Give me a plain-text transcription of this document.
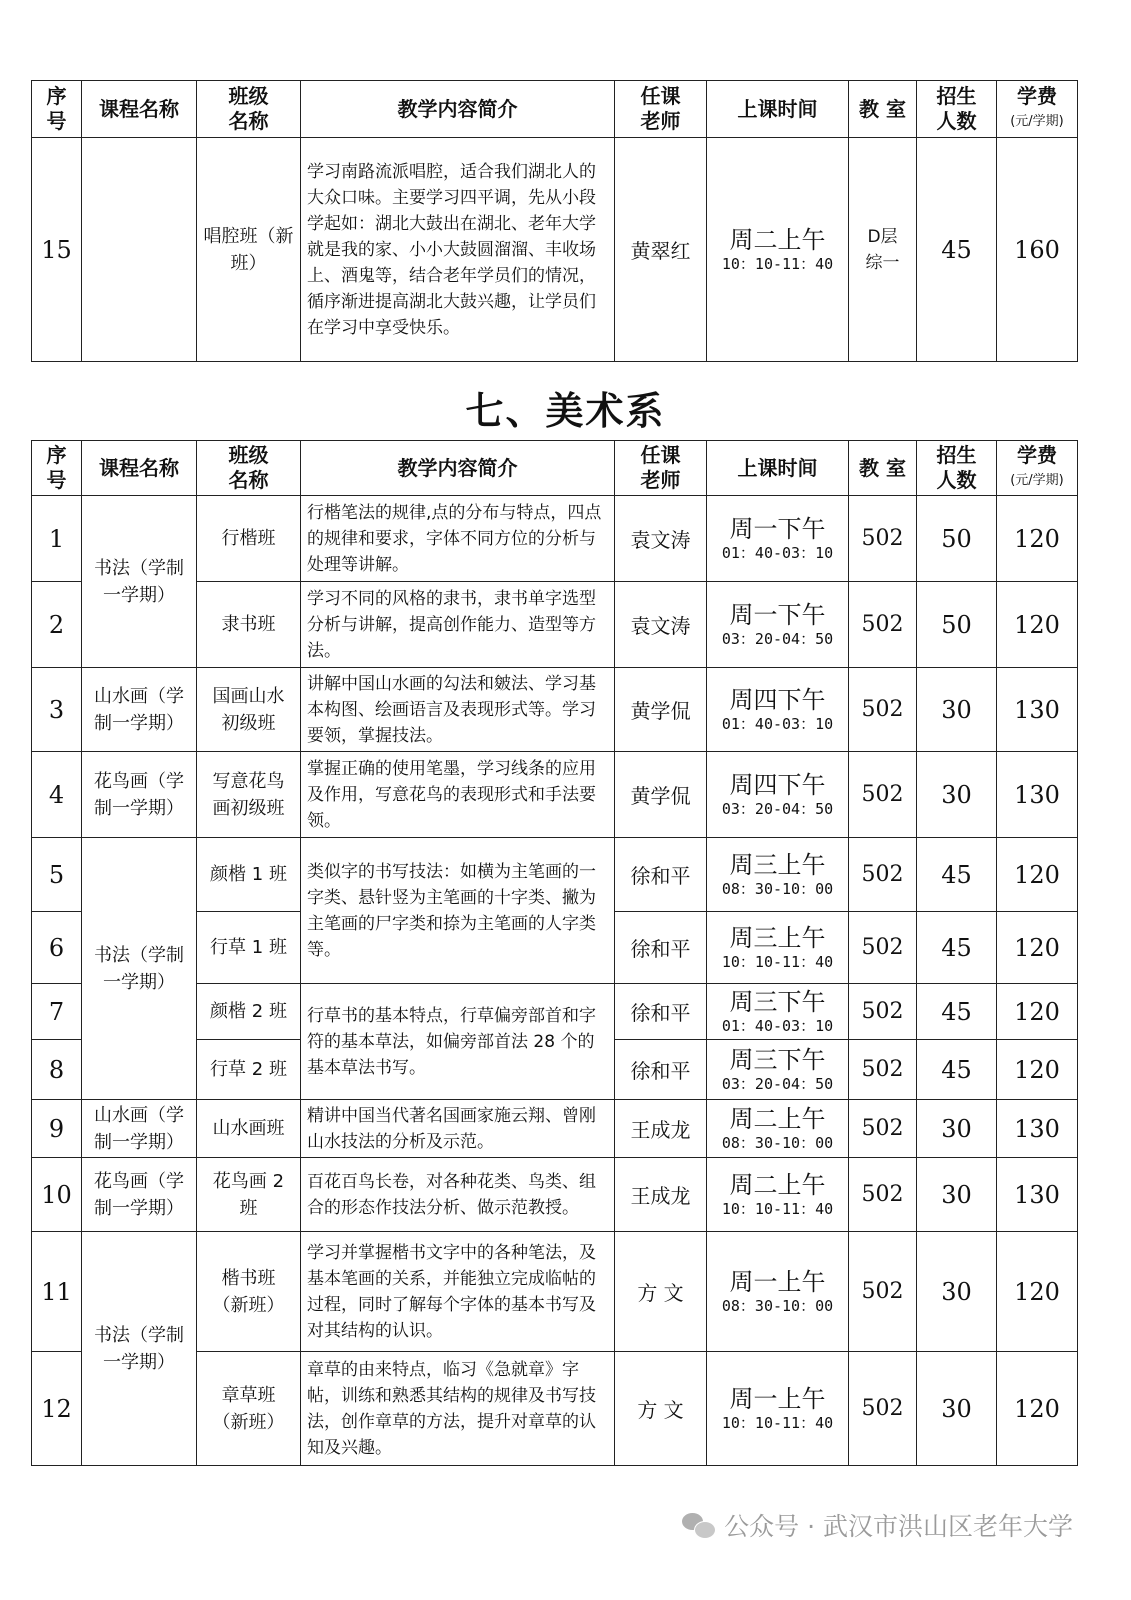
序号	课程名称	班级名称	教学内容简介	任课老师	上课时间	教 室	招生人数	学费
(元/学期)

15		唱腔班（新班）	学习南路流派唱腔，适合我们湖北人的大众口味。主要学习四平调，先从小段学起如：湖北大鼓出在湖北、老年大学就是我的家、小小大鼓圆溜溜、丰收场上、酒鬼等，结合老年学员们的情况，循序渐进提高湖北大鼓兴趣，让学员们在学习中享受快乐。	黄翠红	周二上午
10：10-11：40	D层综一	45	160
七、美术系
序号	课程名称	班级名称	教学内容简介	任课老师	上课时间	教 室	招生人数	学费
(元/学期)

1	书法（学制一学期）	行楷班	行楷笔法的规律,点的分布与特点，四点的规律和要求，字体不同方位的分析与处理等讲解。	袁文涛	周一下午
01：40-03：10	502	50	120
2		隶书班	学习不同的风格的隶书，隶书单字选型分析与讲解，提高创作能力、造型等方法。	袁文涛	周一下午
03：20-04：50	502	50	120
3	山水画（学制一学期）	国画山水初级班	讲解中国山水画的勾法和皴法、学习基本构图、绘画语言及表现形式等。学习要领，掌握技法。	黄学侃	周四下午
01：40-03：10	502	30	130
4	花鸟画（学制一学期）	写意花鸟画初级班	掌握正确的使用笔墨，学习线条的应用及作用，写意花鸟的表现形式和手法要领。	黄学侃	周四下午
03：20-04：50	502	30	130
5	书法（学制一学期）	颜楷 1 班	类似字的书写技法：如横为主笔画的一字类、悬针竖为主笔画的十字类、撇为主笔画的尸字类和捺为主笔画的人字类等。	徐和平	周三上午
08：30-10：00	502	45	120
6		行草 1 班		徐和平	周三上午
10：10-11：40	502	45	120
7		颜楷 2 班	行草书的基本特点，行草偏旁部首和字符的基本草法，如偏旁部首法 28 个的基本草法书写。	徐和平	周三下午
01：40-03：10	502	45	120
8		行草 2 班		徐和平	周三下午
03：20-04：50	502	45	120
9	山水画（学制一学期）	山水画班	精讲中国当代著名国画家施云翔、曾刚山水技法的分析及示范。	王成龙	周二上午
08：30-10：00	502	30	130
10	花鸟画（学制一学期）	花鸟画 2 班	百花百鸟长卷，对各种花类、鸟类、组合的形态作技法分析、做示范教授。	王成龙	周二上午
10：10-11：40	502	30	130
11	书法（学制一学期）	楷书班（新班）	学习并掌握楷书文字中的各种笔法，及基本笔画的关系，并能独立完成临帖的过程，同时了解每个字体的基本书写及对其结构的认识。	方 文	周一上午
08：30-10：00	502	30	120
12		章草班（新班）	章草的由来特点，临习《急就章》字帖，训练和熟悉其结构的规律及书写技法，创作章草的方法，提升对章草的认知及兴趣。	方 文	周一上午
10：10-11：40	502	30	120
公众号 · 武汉市洪山区老年大学
